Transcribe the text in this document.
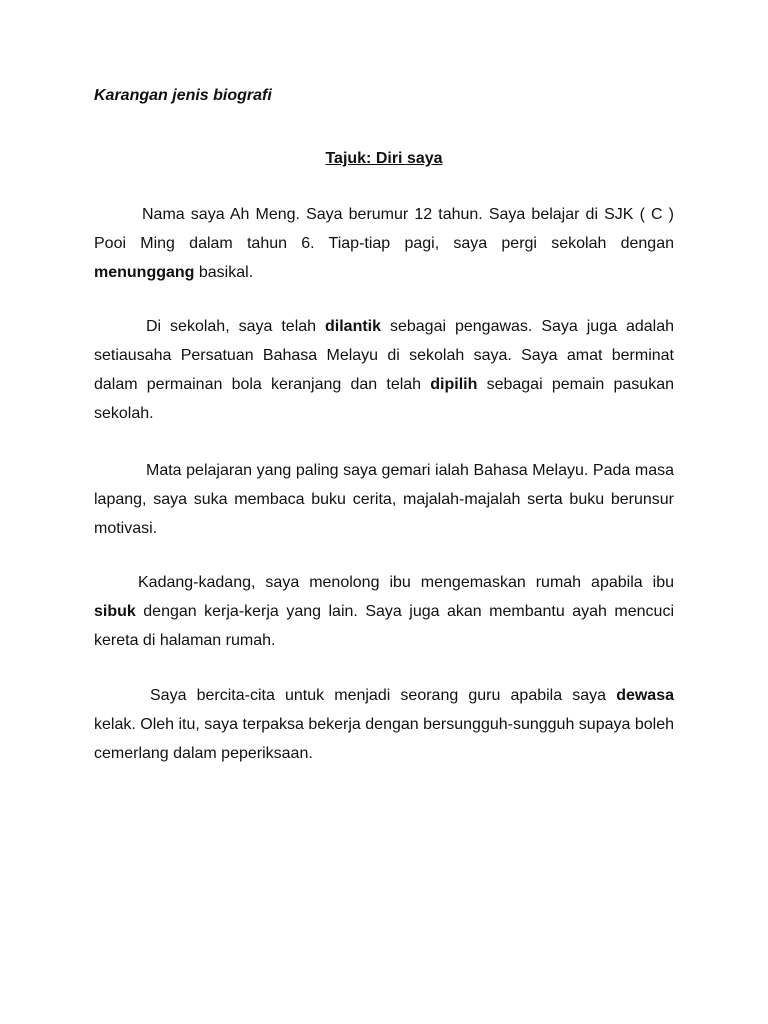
Karangan jenis biografi

Tajuk: Diri saya

Nama saya Ah Meng. Saya berumur 12 tahun. Saya belajar di SJK ( C ) Pooi Ming dalam tahun 6. Tiap-tiap pagi, saya pergi sekolah dengan menunggang basikal.

Di sekolah, saya telah dilantik sebagai pengawas. Saya juga adalah setiausaha Persatuan Bahasa Melayu di sekolah saya. Saya amat berminat dalam permainan bola keranjang dan telah dipilih sebagai pemain pasukan sekolah.

Mata pelajaran yang paling saya gemari ialah Bahasa Melayu. Pada masa lapang, saya suka membaca buku cerita, majalah-majalah serta buku berunsur motivasi.

Kadang-kadang, saya menolong ibu mengemaskan rumah apabila ibu sibuk dengan kerja-kerja yang lain. Saya juga akan membantu ayah mencuci kereta di halaman rumah.

Saya bercita-cita untuk menjadi seorang guru apabila saya dewasa kelak. Oleh itu, saya terpaksa bekerja dengan bersungguh-sungguh supaya boleh cemerlang dalam peperiksaan.
